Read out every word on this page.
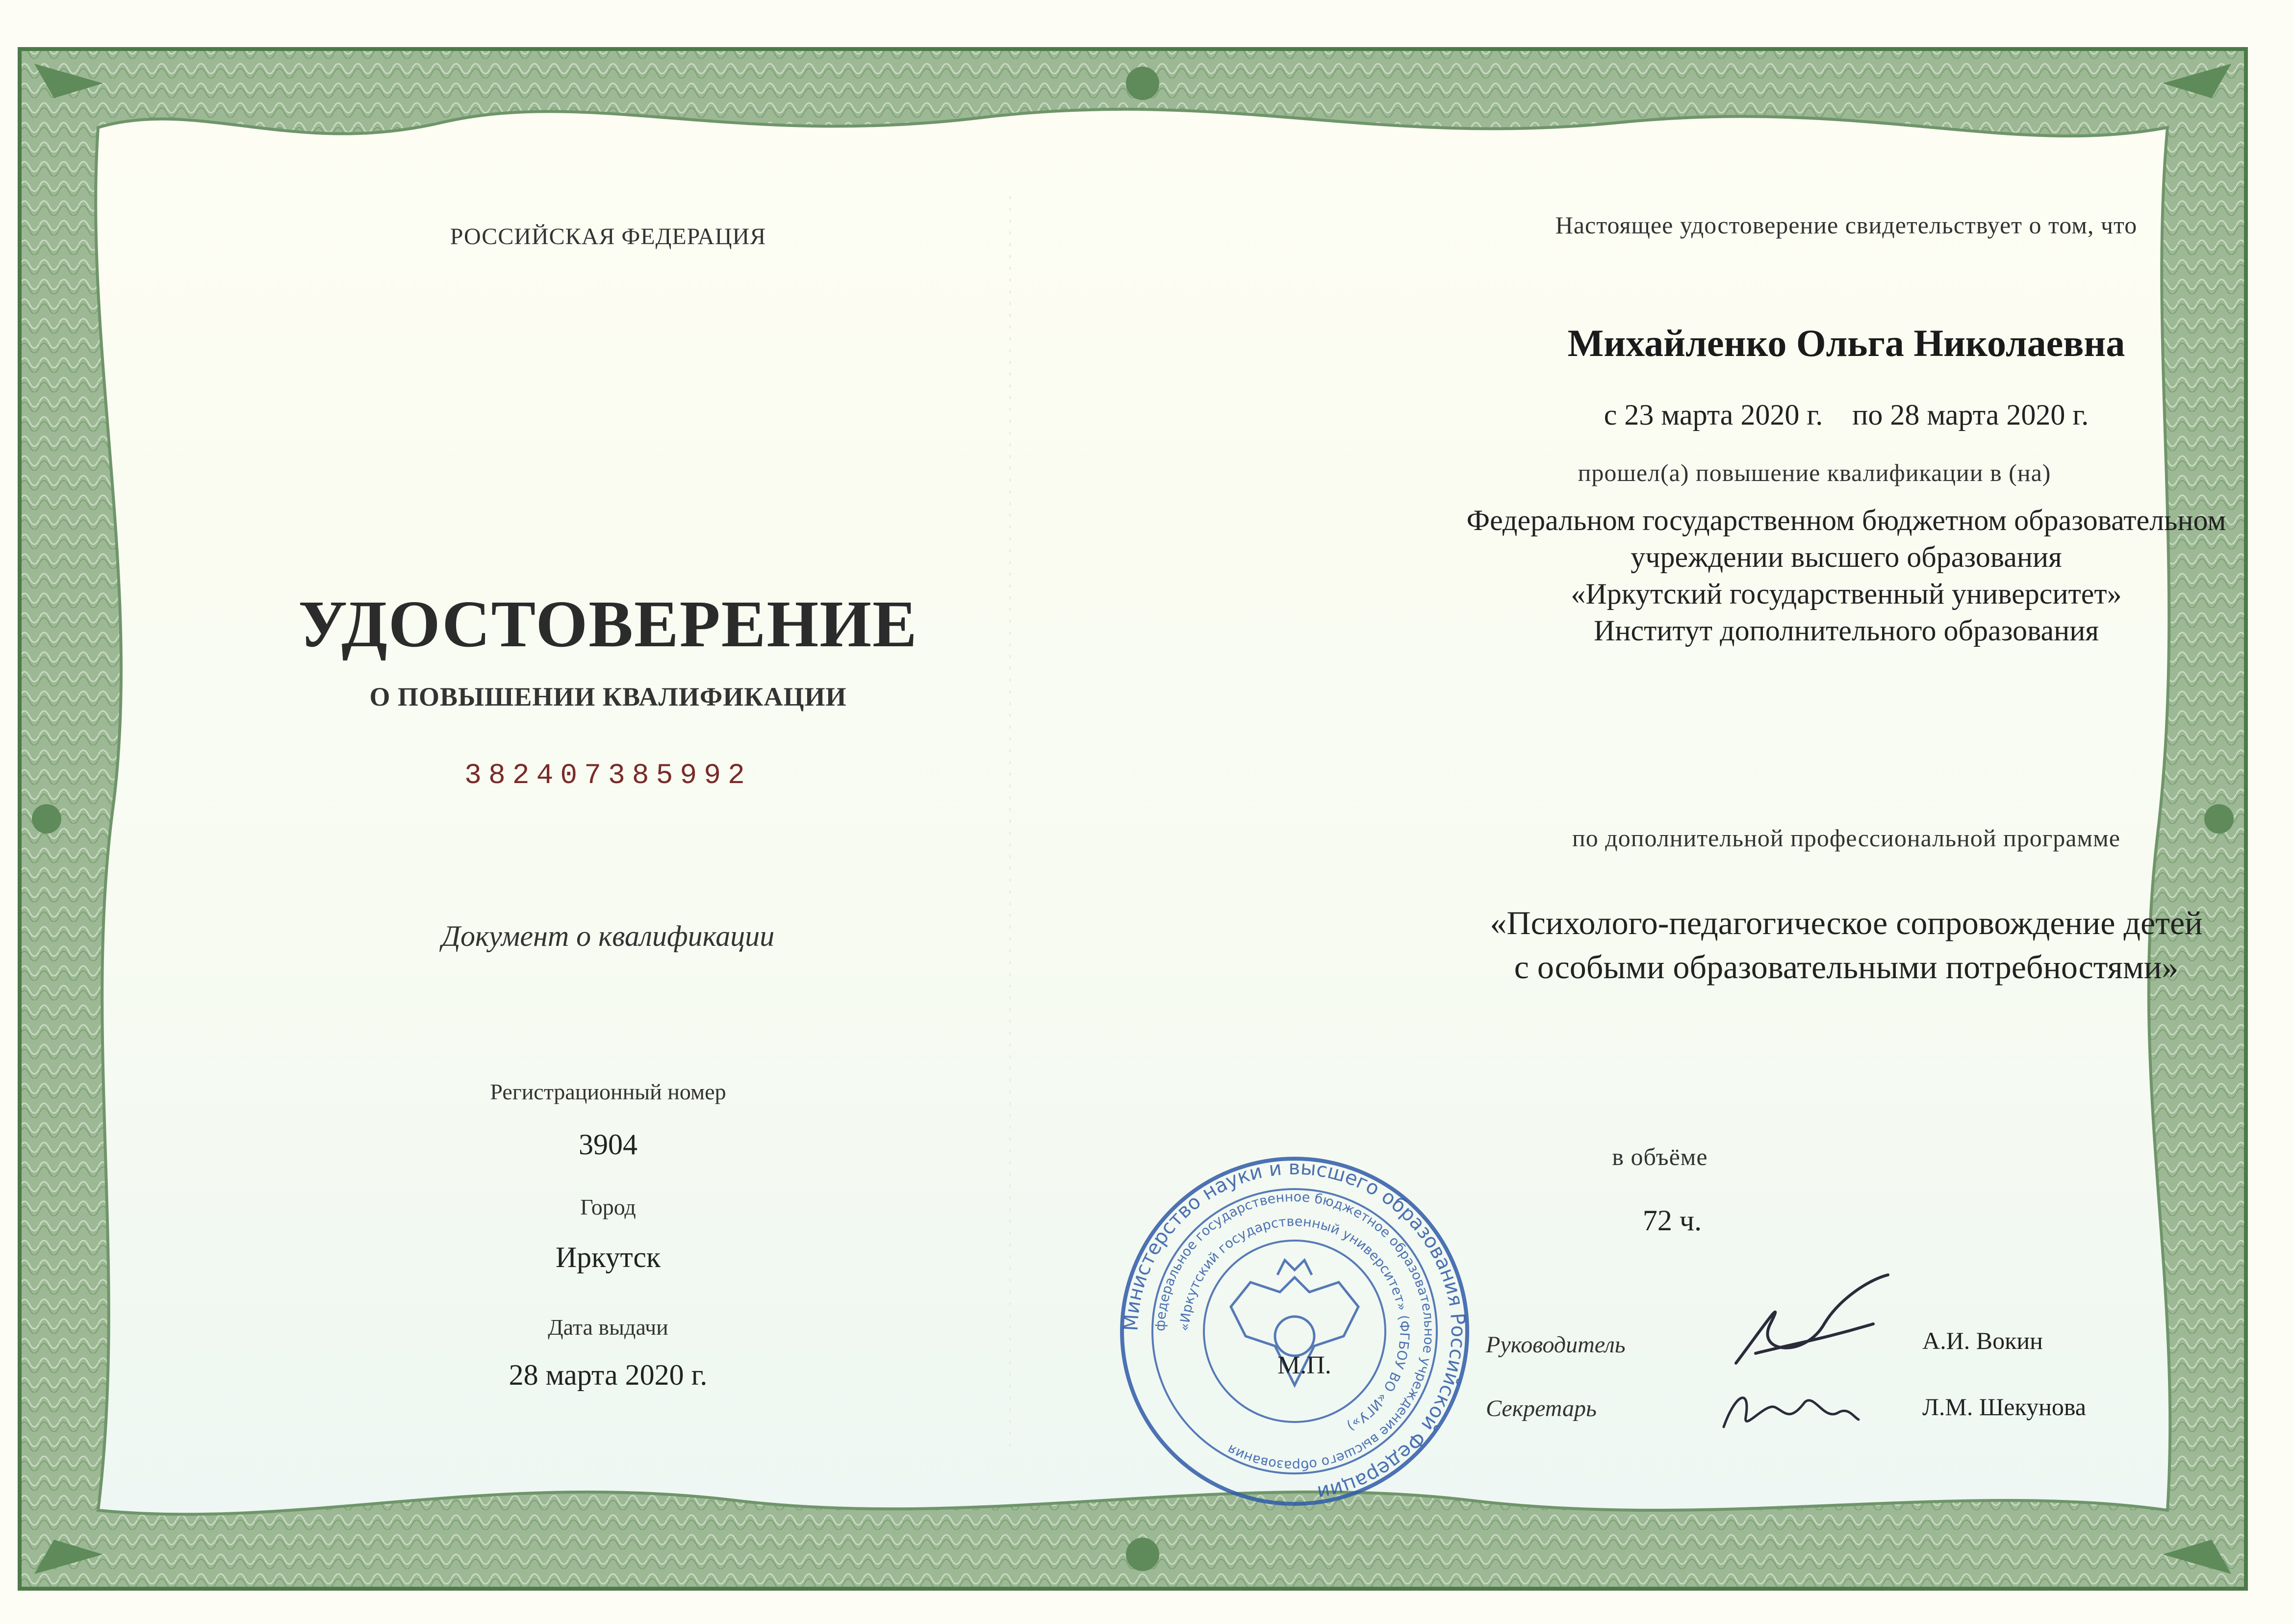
РОССИЙСКАЯ ФЕДЕРАЦИЯ
УДОСТОВЕРЕНИЕ
О ПОВЫШЕНИИ КВАЛИФИКАЦИИ
382407385992
Документ о квалификации
Регистрационный номер
3904
Город
Иркутск
Дата выдачи
28 марта 2020 г.
Настоящее удостоверение свидетельствует о том, что
Михайленко Ольга Николаевна
с 23 марта 2020 г.    по 28 марта 2020 г.
прошел(а) повышение квалификации в (на)
Федеральном государственном бюджетном образовательном
учреждении высшего образования
«Иркутский государственный университет»
Институт дополнительного образования
по дополнительной профессиональной программе
«Психолого-педагогическое сопровождение детей
с особыми образовательными потребностями»
в объёме
72 ч.
Руководитель	А.И. Вокин
Секретарь	Л.М. Шекунова
Министерство науки и высшего образования Российской Федерации
федеральное государственное бюджетное образовательное учреждение высшего образования
«Иркутский государственный университет» (ФГБОУ ВО «ИГУ»)
М.П.
